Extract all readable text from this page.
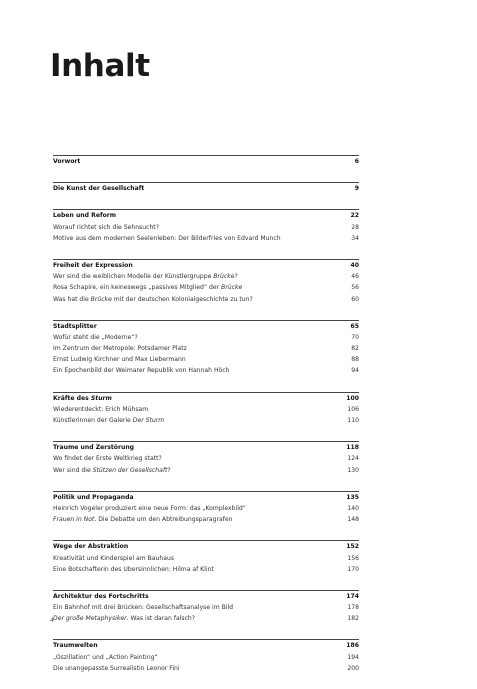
Inhalt
Vorwort	6
Die Kunst der Gesellschaft	9
Leben und Reform	22
Worauf richtet sich die Sehnsucht?	28
Motive aus dem modernen Seelenleben: Der Bilderfries von Edvard Munch	34
Freiheit der Expression	40
Wer sind die weiblichen Modelle der Künstlergruppe Brücke?	46
Rosa Schapire, ein keineswegs „passives Mitglied“ der Brücke	56
Was hat die Brücke mit der deutschen Kolonialgeschichte zu tun?	60
Stadtsplitter	65
Wofür steht die „Moderne“?	70
Im Zentrum der Metropole: Potsdamer Platz	82
Ernst Ludwig Kirchner und Max Liebermann	88
Ein Epochenbild der Weimarer Republik von Hannah Höch	94
Kräfte des Sturm	100
Wiederentdeckt: Erich Mühsam	106
Künstlerinnen der Galerie Der Sturm	110
Traume und Zerstörung	118
Wo findet der Erste Weltkrieg statt?	124
Wer sind die Stützen der Gesellschaft?	130
Politik und Propaganda	135
Heinrich Vogeler produziert eine neue Form: das „Komplexbild“	140
Frauen in Not. Die Debatte um den Abtreibungsparagrafen	148
Wege der Abstraktion	152
Kreativität und Kinderspiel am Bauhaus	156
Eine Botschafterin des Übersinnlichen: Hilma af Klint	170
Architektur des Fortschritts	174
Ein Bahnhof mit drei Brücken: Gesellschaftsanalyse im Bild	178
Der große Metaphysiker. Was ist daran falsch?	182
Traumwelten	186
„Oszillation“ und „Action Painting“	194
Die unangepasste Surrealistin Leonor Fini	200
4
